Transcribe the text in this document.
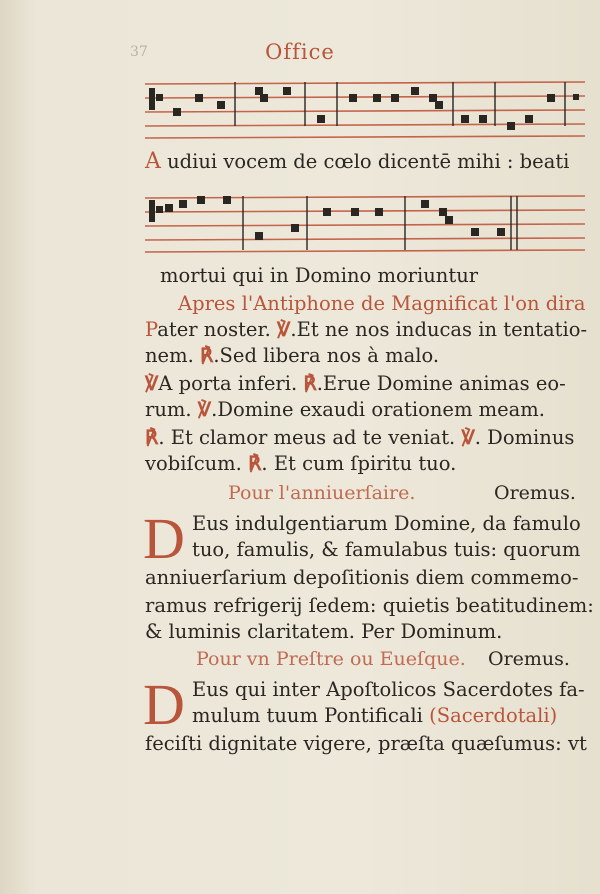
37	Office
A udiui vocem de cœlo dicentē mihi : beati
mortui qui in Domino moriuntur
Apres l'Antiphone de Magnificat l'on dira
Pater noster. ℣.Et ne nos inducas in tentatio-
nem. ℟.Sed libera nos à malo.
℣A porta inferi. ℟.Erue Domine animas eo-
rum. ℣.Domine exaudi orationem meam.
℟. Et clamor meus ad te veniat. ℣. Dominus
vobiſcum. ℟. Et cum ſpiritu tuo.
Pour l'anniuerſaire.	Oremus.
D Eus indulgentiarum Domine, da famulo
tuo, famulis, & famulabus tuis: quorum
anniuerſarium depoſitionis diem commemo-
ramus refrigerij ſedem: quietis beatitudinem:
& luminis claritatem. Per Dominum.
Pour vn Preſtre ou Eueſque. Oremus.
D Eus qui inter Apoſtolicos Sacerdotes fa-
mulum tuum Pontificali (Sacerdotali)
feciſti dignitate vigere, præſta quæſumus: vt
